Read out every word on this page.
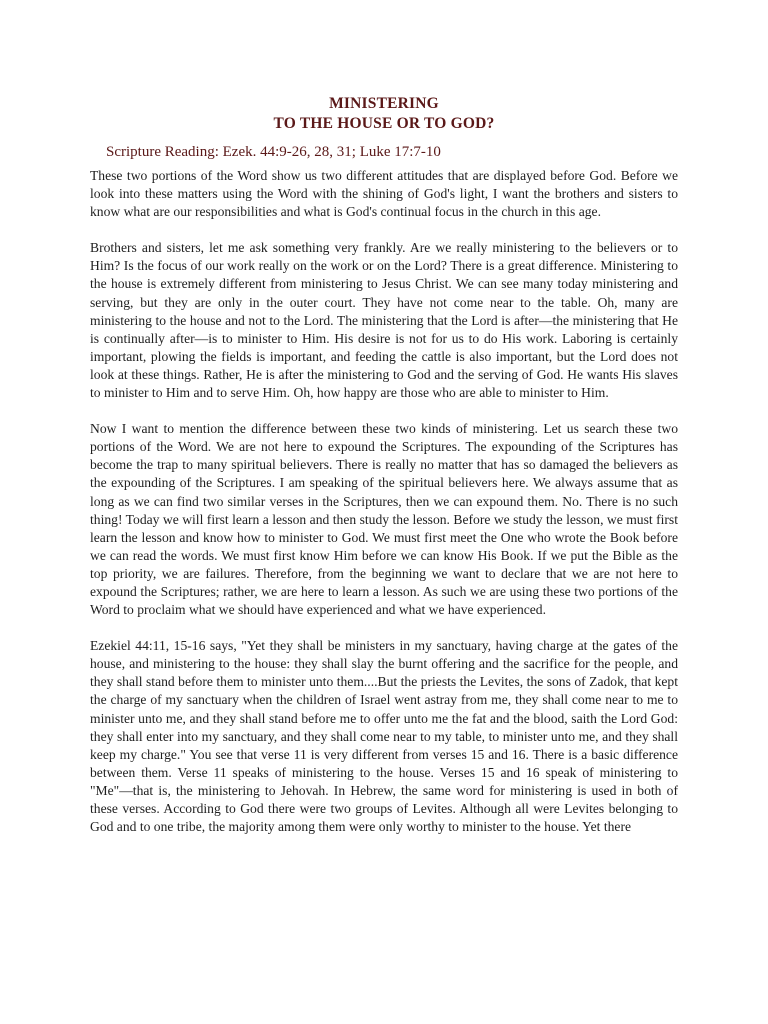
MINISTERING
TO THE HOUSE OR TO GOD?
Scripture Reading: Ezek. 44:9-26, 28, 31; Luke 17:7-10

These two portions of the Word show us two different attitudes that are displayed before God. Before we look into these matters using the Word with the shining of God's light, I want the brothers and sisters to know what are our responsibilities and what is God's continual focus in the church in this age.

Brothers and sisters, let me ask something very frankly. Are we really ministering to the believers or to Him? Is the focus of our work really on the work or on the Lord? There is a great difference. Ministering to the house is extremely different from ministering to Jesus Christ. We can see many today ministering and serving, but they are only in the outer court. They have not come near to the table. Oh, many are ministering to the house and not to the Lord. The ministering that the Lord is after—the ministering that He is continually after—is to minister to Him. His desire is not for us to do His work. Laboring is certainly important, plowing the fields is important, and feeding the cattle is also important, but the Lord does not look at these things. Rather, He is after the ministering to God and the serving of God. He wants His slaves to minister to Him and to serve Him. Oh, how happy are those who are able to minister to Him.

Now I want to mention the difference between these two kinds of ministering. Let us search these two portions of the Word. We are not here to expound the Scriptures. The expounding of the Scriptures has become the trap to many spiritual believers. There is really no matter that has so damaged the believers as the expounding of the Scriptures. I am speaking of the spiritual believers here. We always assume that as long as we can find two similar verses in the Scriptures, then we can expound them. No. There is no such thing! Today we will first learn a lesson and then study the lesson. Before we study the lesson, we must first learn the lesson and know how to minister to God. We must first meet the One who wrote the Book before we can read the words. We must first know Him before we can know His Book. If we put the Bible as the top priority, we are failures. Therefore, from the beginning we want to declare that we are not here to expound the Scriptures; rather, we are here to learn a lesson. As such we are using these two portions of the Word to proclaim what we should have experienced and what we have experienced.

Ezekiel 44:11, 15-16 says, "Yet they shall be ministers in my sanctuary, having charge at the gates of the house, and ministering to the house: they shall slay the burnt offering and the sacrifice for the people, and they shall stand before them to minister unto them....But the priests the Levites, the sons of Zadok, that kept the charge of my sanctuary when the children of Israel went astray from me, they shall come near to me to minister unto me, and they shall stand before me to offer unto me the fat and the blood, saith the Lord God: they shall enter into my sanctuary, and they shall come near to my table, to minister unto me, and they shall keep my charge." You see that verse 11 is very different from verses 15 and 16. There is a basic difference between them. Verse 11 speaks of ministering to the house. Verses 15 and 16 speak of ministering to "Me"—that is, the ministering to Jehovah. In Hebrew, the same word for ministering is used in both of these verses. According to God there were two groups of Levites. Although all were Levites belonging to God and to one tribe, the majority among them were only worthy to minister to the house. Yet there
